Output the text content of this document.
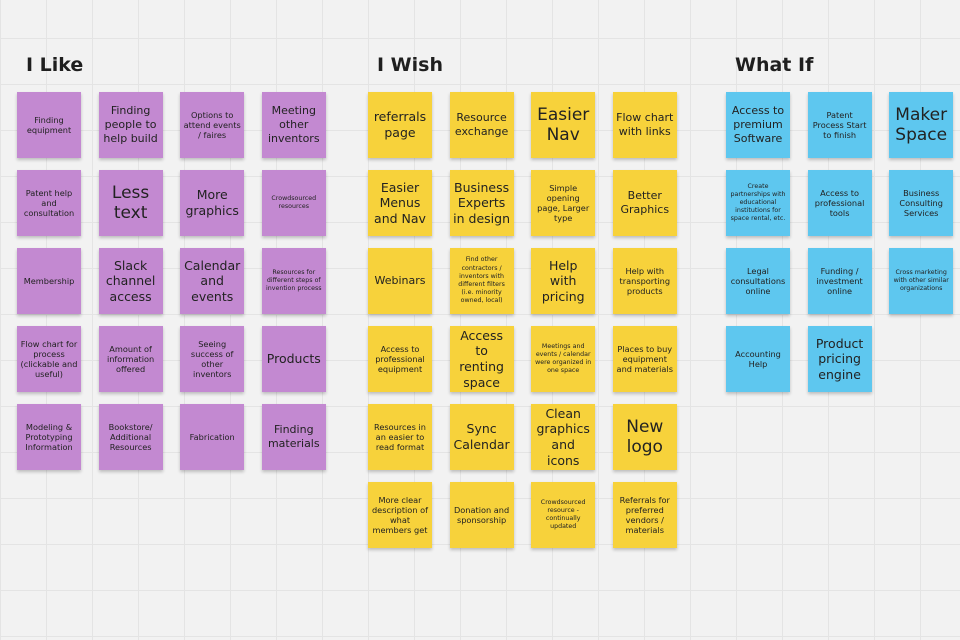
I Like	I Wish	What If
Finding equipment
Finding people to help build
Options to attend events / faires
Meeting other inventors
Patent help and consultation
Less text
More graphics
Crowdsourced resources
Membership
Slack channel access
Calendar and events
Resources for different steps of invention process
Flow chart for process (clickable and useful)
Amount of information offered
Seeing success of other inventors
Products
Modeling & Prototyping Information
Bookstore/ Additional Resources
Fabrication
Finding materials
referrals page
Resource exchange
Easier Nav
Flow chart with links
Easier Menus and Nav
Business Experts in design
Simple opening page, Larger type
Better Graphics
Webinars
Find other contractors / inventors with different filters (i.e. minority owned, local)
Help with pricing
Help with transporting products
Access to professional equipment
Access to renting space
Meetings and events / calendar were organized in one space
Places to buy equipment and materials
Resources in an easier to read format
Sync Calendar
Clean graphics and icons
New logo
More clear description of what members get
Donation and sponsorship
Crowdsourced resource - continually updated
Referrals for preferred vendors / materials
Access to premium Software
Patent Process Start to finish
Maker Space
Create partnerships with educational institutions for space rental, etc.
Access to professional tools
Business Consulting Services
Legal consultations online
Funding / investment online
Cross marketing with other similar organizations
Accounting Help
Product pricing engine
